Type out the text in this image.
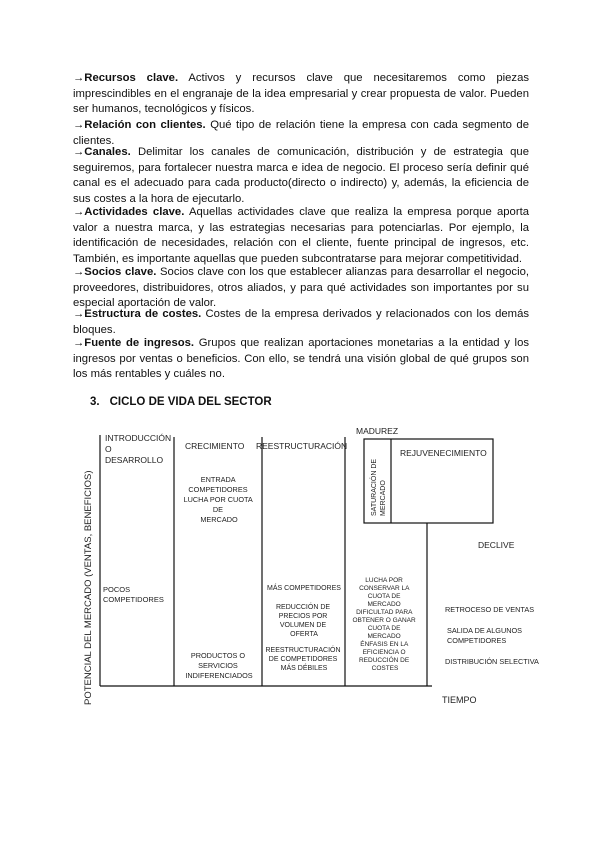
→Recursos clave. Activos y recursos clave que necesitaremos como piezas imprescindibles en el engranaje de la idea empresarial y crear propuesta de valor. Pueden ser humanos, tecnológicos y físicos.

→Relación con clientes. Qué tipo de relación tiene la empresa con cada segmento de clientes.

→Canales. Delimitar los canales de comunicación, distribución y de estrategia que seguiremos, para fortalecer nuestra marca e idea de negocio. El proceso sería definir qué canal es el adecuado para cada producto(directo o indirecto) y, además, la eficiencia de sus costes a la hora de ejecutarlo.

→Actividades clave. Aquellas actividades clave que realiza la empresa porque aporta valor a nuestra marca, y las estrategias necesarias para potenciarlas. Por ejemplo, la identificación de necesidades, relación con el cliente, fuente principal de ingresos, etc. También, es importante aquellas que pueden subcontratarse para mejorar competitividad.

→Socios clave. Socios clave con los que establecer alianzas para desarrollar el negocio, proveedores, distribuidores, otros aliados, y para qué actividades son importantes por su especial aportación de valor.

→Estructura de costes. Costes de la empresa derivados y relacionados con los demás bloques.

→Fuente de ingresos. Grupos que realizan aportaciones monetarias a la entidad y los ingresos por ventas o beneficios. Con ello, se tendrá una visión global de qué grupos son los más rentables y cuáles no.

3. CICLO DE VIDA DEL SECTOR

POTENCIAL DEL MERCADO (VENTAS, BENEFICIOS)	TIEMPO
INTRODUCCIÓN O DESARROLLO
POCOS COMPETIDORES
CRECIMIENTO
ENTRADA COMPETIDORES LUCHA POR CUOTA DE MERCADO
PRODUCTOS O SERVICIOS INDIFERENCIADOS
REESTRUCTURACIÓN
MÁS COMPETIDORES
REDUCCIÓN DE PRECIOS POR VOLUMEN DE OFERTA
REESTRUCTURACIÓN DE COMPETIDORES MÁS DÉBILES
MADUREZ
SATURACIÓN DE MERCADO
LUCHA POR CONSERVAR LA CUOTA DE MERCADO DIFICULTAD PARA OBTENER O GANAR CUOTA DE MERCADO ÉNFASIS EN LA EFICIENCIA O REDUCCIÓN DE COSTES
REJUVENECIMIENTO
DECLIVE
RETROCESO DE VENTAS
SALIDA DE ALGUNOS COMPETIDORES
DISTRIBUCIÓN SELECTIVA
